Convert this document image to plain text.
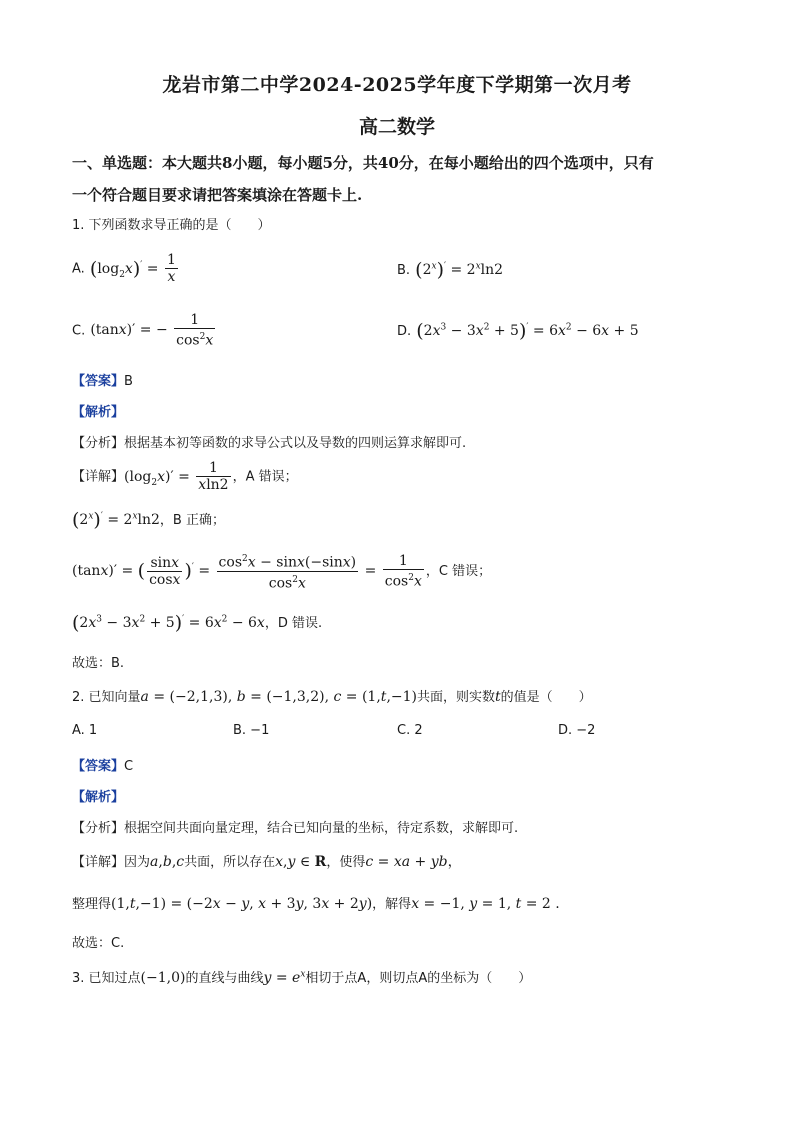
龙岩市第二中学2024-2025学年度下学期第一次月考
高二数学
一、单选题：本大题共8小题，每小题5分，共40分，在每小题给出的四个选项中，只有
一个符合题目要求请把答案填涂在答题卡上.
1. 下列函数求导正确的是（　　）
A. $(\log_2x)' = \frac{1}{x}$	B. $(2^x)' = 2^x\ln 2$
C. (tanx)′ = − $\frac{1}{\cos^2x}$	D. $(2x^3 - 3x^2 + 5)' = 6x^2 - 6x + 5$
【答案】B
【解析】
【分析】根据基本初等函数的求导公式以及导数的四则运算求解即可.
【详解】$(\log_2x)' = \frac{1}{xln2}$ ，A 错误；
$(2^x)' = 2^x\ln 2$，B 正确；
(tanx)′ = ( $\frac{\sin x}{\cos x} )' = \frac{\cos^2x - \sin x(-\sin x)}{\cos^2x} = \frac{1}{\cos^2x}$ ，C 错误；
$(2x^3 - 3x^2 + 5)' = 6x^2 - 6x$，D 错误.
故选：B.
2. 已知向量a = (−2,1,3), b = (−1,3,2), c = (1,t,−1)共面，则实数t的值是（　　）
A. 1	B. −1	C. 2	D. −2
【答案】C
【解析】
【分析】根据空间共面向量定理，结合已知向量的坐标，待定系数，求解即可.
【详解】因为a,b,c共面，所以存在x,y ∈ R，使得c = xa + yb，
整理得(1,t,−1) = (−2x − y, x + 3y, 3x + 2y)，解得x = −1, y = 1, t = 2 .
故选：C.
3. 已知过点(−1,0)的直线与曲线$y = e^x$相切于点A，则切点A的坐标为（　　）
